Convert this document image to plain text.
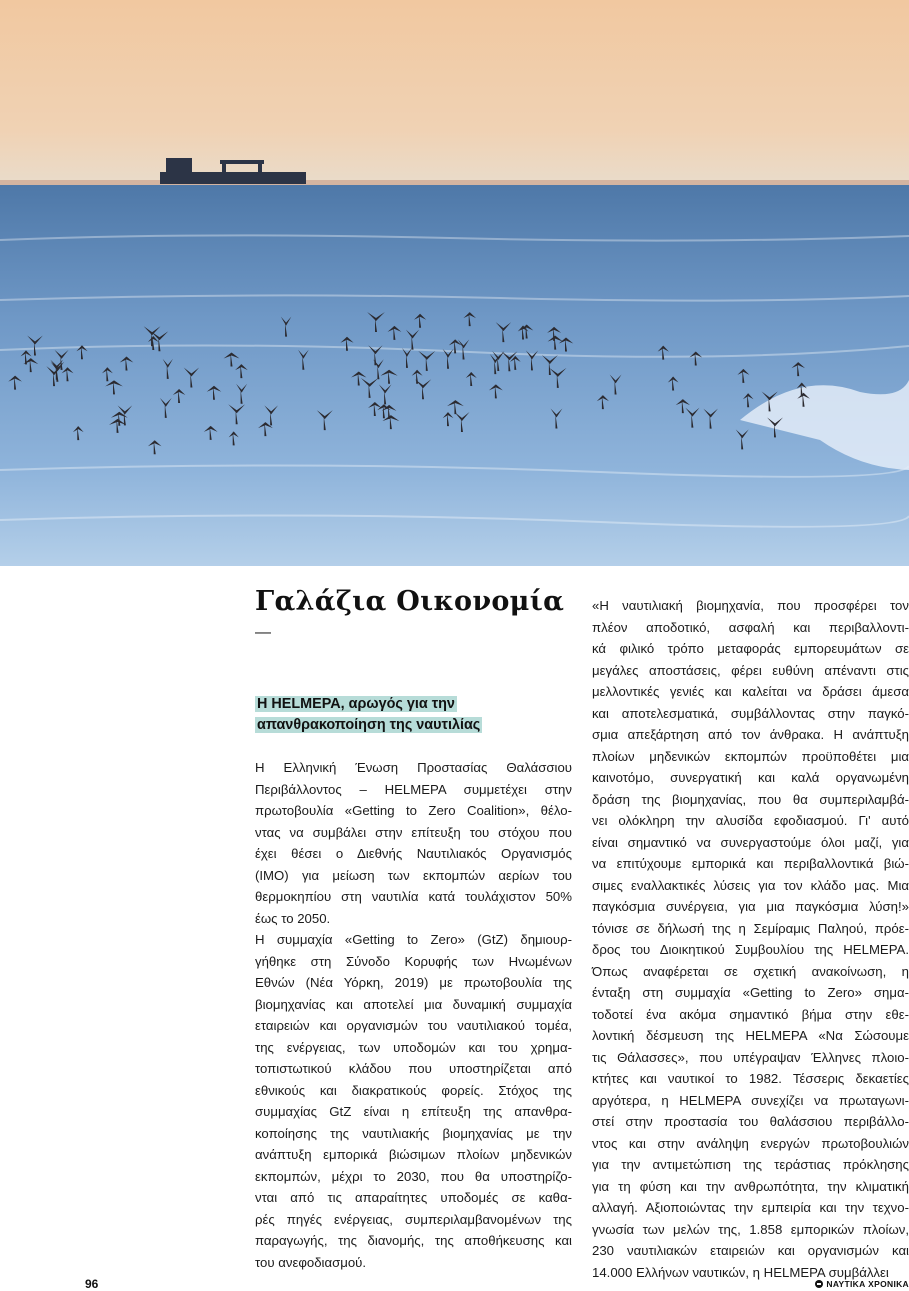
Γαλάζια Οικονομία
—
Η HELMEPA, αρωγός για την
απανθρακοποίηση της ναυτιλίας

Η Ελληνική Ένωση Προστασίας Θαλάσσιου

Περιβάλλοντος – HELMEPA συμμετέχει στην

πρωτοβουλία «Getting to Zero Coalition», θέλο-

ντας να συμβάλει στην επίτευξη του στόχου που

έχει θέσει ο Διεθνής Ναυτιλιακός Οργανισμός

(IMO) για μείωση των εκπομπών αερίων του

θερμοκηπίου στη ναυτιλία κατά τουλάχιστον 50%

έως το 2050.

Η συμμαχία «Getting to Zero» (GtZ) δημιουρ-

γήθηκε στη Σύνοδο Κορυφής των Ηνωμένων

Εθνών (Νέα Υόρκη, 2019) με πρωτοβουλία της

βιομηχανίας και αποτελεί μια δυναμική συμμαχία

εταιρειών και οργανισμών του ναυτιλιακού τομέα,

της ενέργειας, των υποδομών και του χρημα-

τοπιστωτικού κλάδου που υποστηρίζεται από

εθνικούς και διακρατικούς φορείς. Στόχος της

συμμαχίας GtZ είναι η επίτευξη της απανθρα-

κοποίησης της ναυτιλιακής βιομηχανίας με την

ανάπτυξη εμπορικά βιώσιμων πλοίων μηδενικών

εκπομπών, μέχρι το 2030, που θα υποστηρίζο-

νται από τις απαραίτητες υποδομές σε καθα-

ρές πηγές ενέργειας, συμπεριλαμβανομένων της

παραγωγής, της διανομής, της αποθήκευσης και

του ανεφοδιασμού.

«Η ναυτιλιακή βιομηχανία, που προσφέρει τον

πλέον αποδοτικό, ασφαλή και περιβαλλοντι-

κά φιλικό τρόπο μεταφοράς εμπορευμάτων σε

μεγάλες αποστάσεις, φέρει ευθύνη απέναντι στις

μελλοντικές γενιές και καλείται να δράσει άμεσα

και αποτελεσματικά, συμβάλλοντας στην παγκό-

σμια απεξάρτηση από τον άνθρακα. Η ανάπτυξη

πλοίων μηδενικών εκπομπών προϋποθέτει μια

καινοτόμο, συνεργατική και καλά οργανωμένη

δράση της βιομηχανίας, που θα συμπεριλαμβά-

νει ολόκληρη την αλυσίδα εφοδιασμού. Γι' αυτό

είναι σημαντικό να συνεργαστούμε όλοι μαζί, για

να επιτύχουμε εμπορικά και περιβαλλοντικά βιώ-

σιμες εναλλακτικές λύσεις για τον κλάδο μας. Μια

παγκόσμια συνέργεια, για μια παγκόσμια λύση!»

τόνισε σε δήλωσή της η Σεμίραμις Παληού, πρόε-

δρος του Διοικητικού Συμβουλίου της HELMEPA.

Όπως αναφέρεται σε σχετική ανακοίνωση, η

ένταξη στη συμμαχία «Getting to Zero» σημα-

τοδοτεί ένα ακόμα σημαντικό βήμα στην εθε-

λοντική δέσμευση της HELMEPA «Να Σώσουμε

τις Θάλασσες», που υπέγραψαν Έλληνες πλοιο-

κτήτες και ναυτικοί το 1982. Τέσσερις δεκαετίες

αργότερα, η HELMEPA συνεχίζει να πρωταγωνι-

στεί στην προστασία του θαλάσσιου περιβάλλο-

ντος και στην ανάληψη ενεργών πρωτοβουλιών

για την αντιμετώπιση της τεράστιας πρόκλησης

για τη φύση και την ανθρωπότητα, την κλιματική

αλλαγή. Αξιοποιώντας την εμπειρία και την τεχνο-

γνωσία των μελών της, 1.858 εμπορικών πλοίων,

230 ναυτιλιακών εταιρειών και οργανισμών και

14.000 Ελλήνων ναυτικών, η HELMEPA συμβάλλει

96	ΝΑΥΤΙΚΑ ΧΡΟΝΙΚΑ
